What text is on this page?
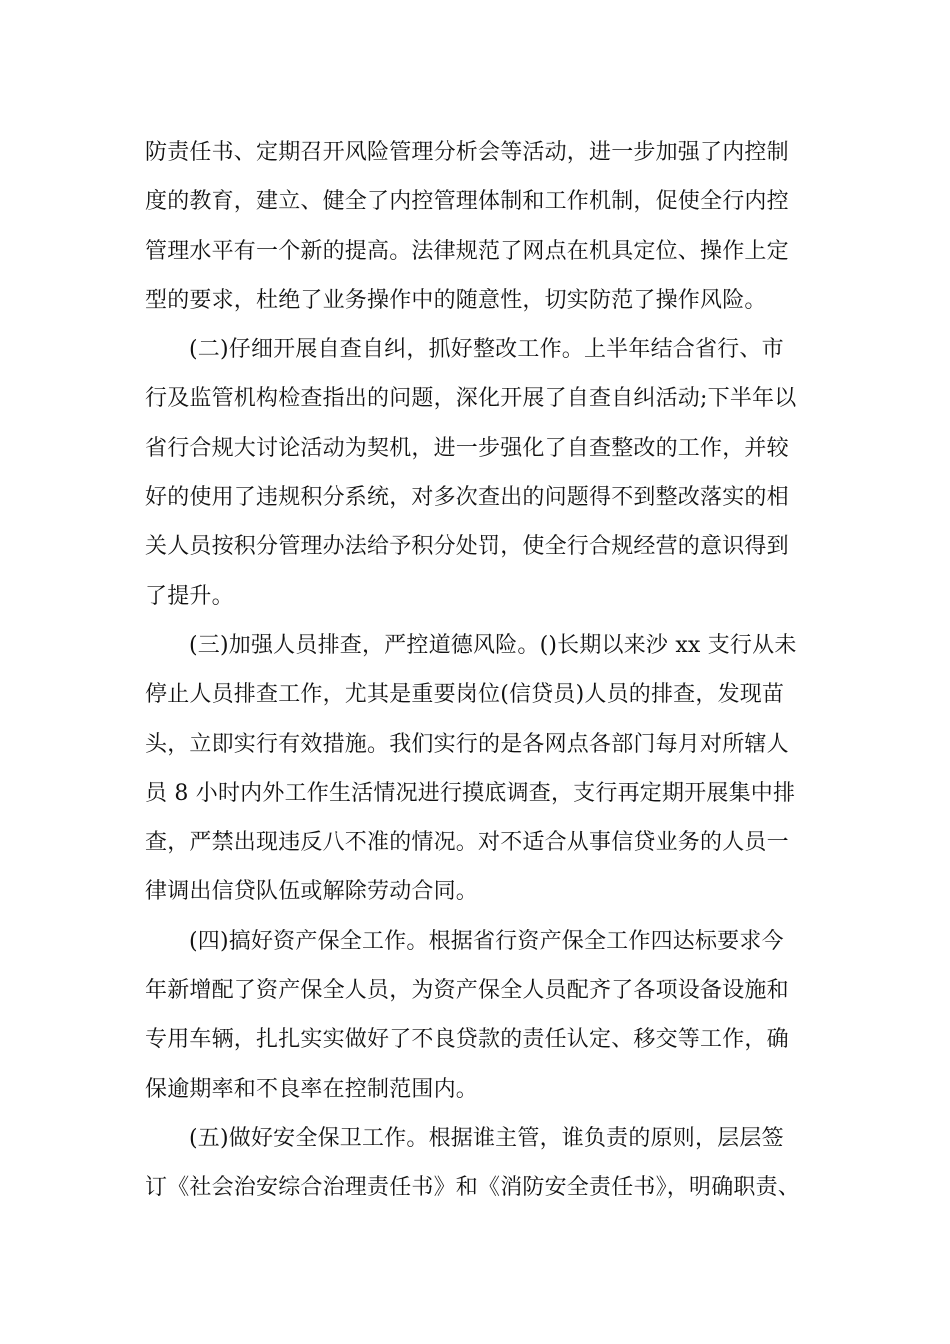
防责任书、定期召开风险管理分析会等活动，进一步加强了内控制
度的教育，建立、健全了内控管理体制和工作机制，促使全行内控
管理水平有一个新的提高。法律规范了网点在机具定位、操作上定
型的要求，杜绝了业务操作中的随意性，切实防范了操作风险。
(二)仔细开展自查自纠，抓好整改工作。上半年结合省行、市
行及监管机构检查指出的问题，深化开展了自查自纠活动;下半年以
省行合规大讨论活动为契机，进一步强化了自查整改的工作，并较
好的使用了违规积分系统，对多次查出的问题得不到整改落实的相
关人员按积分管理办法给予积分处罚，使全行合规经营的意识得到
了提升。
(三)加强人员排查，严控道德风险。()长期以来沙 xx 支行从未
停止人员排查工作，尤其是重要岗位(信贷员)人员的排查，发现苗
头，立即实行有效措施。我们实行的是各网点各部门每月对所辖人
员 8 小时内外工作生活情况进行摸底调查，支行再定期开展集中排
查，严禁出现违反八不准的情况。对不适合从事信贷业务的人员一
律调出信贷队伍或解除劳动合同。
(四)搞好资产保全工作。根据省行资产保全工作四达标要求今
年新增配了资产保全人员，为资产保全人员配齐了各项设备设施和
专用车辆，扎扎实实做好了不良贷款的责任认定、移交等工作，确
保逾期率和不良率在控制范围内。
(五)做好安全保卫工作。根据谁主管，谁负责的原则，层层签
订《社会治安综合治理责任书》和《消防安全责任书》，明确职责、
